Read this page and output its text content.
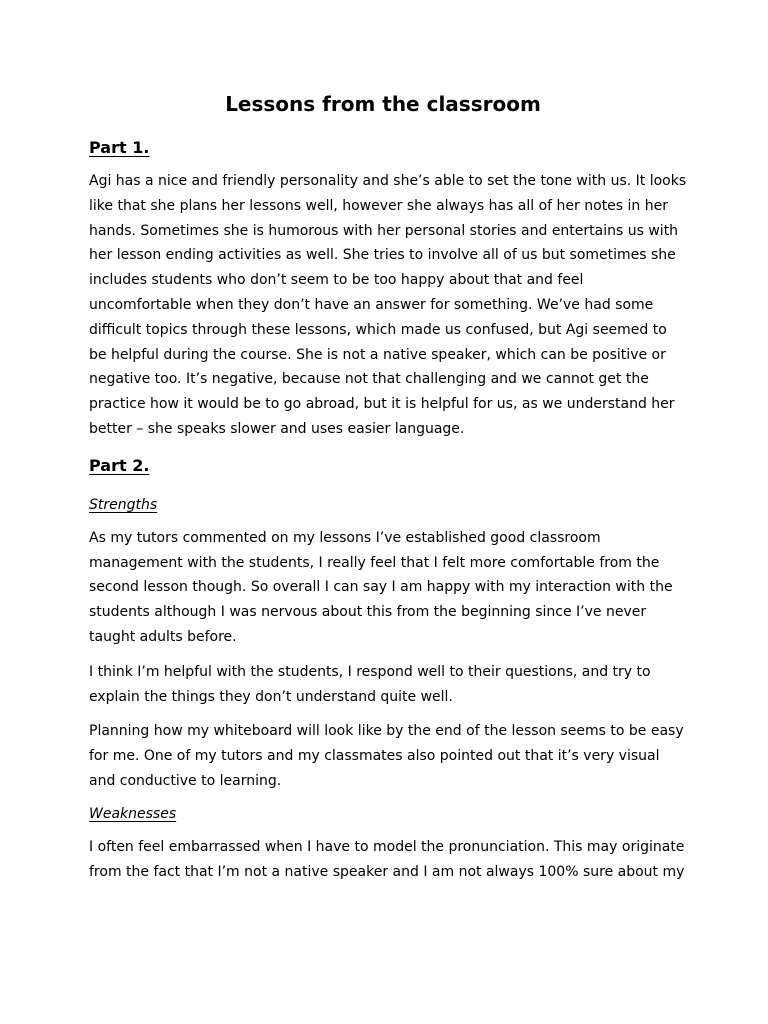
Lessons from the classroom
Part 1.
Agi has a nice and friendly personality and she’s able to set the tone with us. It looks
like that she plans her lessons well, however she always has all of her notes in her
hands. Sometimes she is humorous with her personal stories and entertains us with
her lesson ending activities as well. She tries to involve all of us but sometimes she
includes students who don’t seem to be too happy about that and feel
uncomfortable when they don’t have an answer for something. We’ve had some
difficult topics through these lessons, which made us confused, but Agi seemed to
be helpful during the course. She is not a native speaker, which can be positive or
negative too. It’s negative, because not that challenging and we cannot get the
practice how it would be to go abroad, but it is helpful for us, as we understand her
better – she speaks slower and uses easier language.
Part 2.

Strengths

As my tutors commented on my lessons I’ve established good classroom
management with the students, I really feel that I felt more comfortable from the
second lesson though. So overall I can say I am happy with my interaction with the
students although I was nervous about this from the beginning since I’ve never
taught adults before.
I think I’m helpful with the students, I respond well to their questions, and try to
explain the things they don’t understand quite well.
Planning how my whiteboard will look like by the end of the lesson seems to be easy
for me. One of my tutors and my classmates also pointed out that it’s very visual
and conductive to learning.

Weaknesses

I often feel embarrassed when I have to model the pronunciation. This may originate
from the fact that I’m not a native speaker and I am not always 100% sure about my
